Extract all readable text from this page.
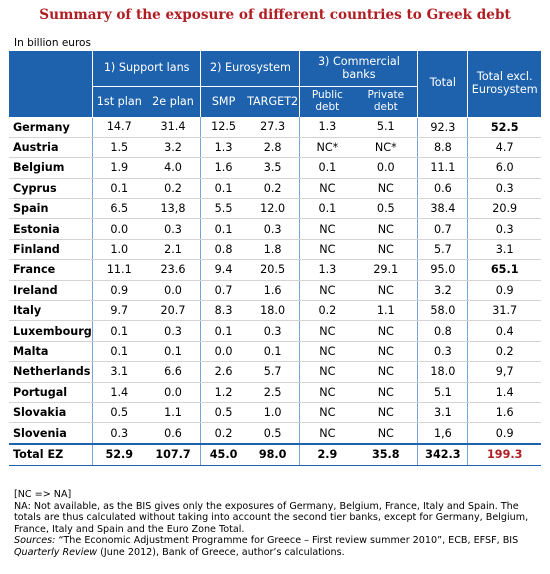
Summary of the exposure of different countries to Greek debt
In billion euros
	1) Support lans		2) Eurosystem		3) Commercial banks		Total	Total excl. Eurosystem
	1st plan	2e plan	SMP	TARGET2	Public debt	Private debt		
Germany	14.7	31.4	12.5	27.3	1.3	5.1	92.3	52.5
Austria	1.5	3.2	1.3	2.8	NC*	NC*	8.8	4.7
Belgium	1.9	4.0	1.6	3.5	0.1	0.0	11.1	6.0
Cyprus	0.1	0.2	0.1	0.2	NC	NC	0.6	0.3
Spain	6.5	13,8	5.5	12.0	0.1	0.5	38.4	20.9
Estonia	0.0	0.3	0.1	0.3	NC	NC	0.7	0.3
Finland	1.0	2.1	0.8	1.8	NC	NC	5.7	3.1
France	11.1	23.6	9.4	20.5	1.3	29.1	95.0	65.1
Ireland	0.9	0.0	0.7	1.6	NC	NC	3.2	0.9
Italy	9.7	20.7	8.3	18.0	0.2	1.1	58.0	31.7
Luxembourg	0.1	0.3	0.1	0.3	NC	NC	0.8	0.4
Malta	0.1	0.1	0.0	0.1	NC	NC	0.3	0.2
Netherlands	3.1	6.6	2.6	5.7	NC	NC	18.0	9,7
Portugal	1.4	0.0	1.2	2.5	NC	NC	5.1	1.4
Slovakia	0.5	1.1	0.5	1.0	NC	NC	3.1	1.6
Slovenia	0.3	0.6	0.2	0.5	NC	NC	1,6	0.9
Total EZ	52.9	107.7	45.0	98.0	2.9	35.8	342.3	199.3

[NC => NA]

NA: Not available, as the BIS gives only the exposures of Germany, Belgium, France, Italy and Spain. The totals are thus calculated without taking into account the second tier banks, except for Germany, Belgium, France, Italy and Spain and the Euro Zone Total.

Sources: “The Economic Adjustment Programme for Greece – First review summer 2010”, ECB, EFSF, BIS Quarterly Review (June 2012), Bank of Greece, author’s calculations.
